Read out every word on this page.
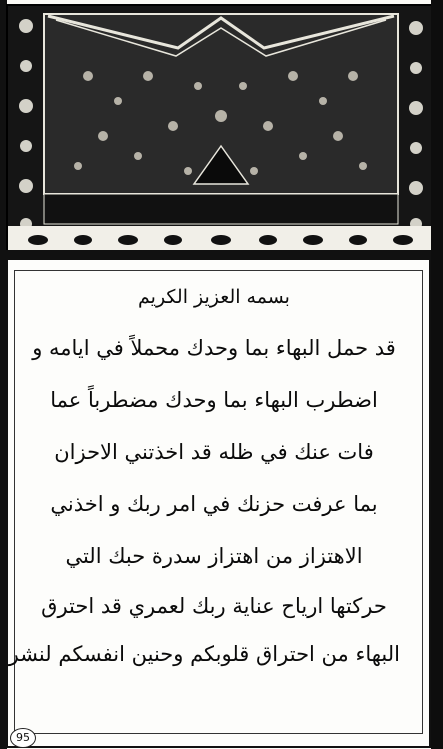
بسمه العزيز الكريم
قد حمل البهاء بما وحدك محملاً في ايامه و
اضطرب البهاء بما وحدك مضطرباً عما
فات عنك في ظله قد اخذتني الاحزان
بما عرفت حزنك في امر ربك و اخذني
الاهتزاز من اهتزاز سدرة حبك التي
حركتها ارياح عناية ربك لعمري قد احترق
البهاء من احتراق قلوبكم وحنين انفسكم لنشر
95
